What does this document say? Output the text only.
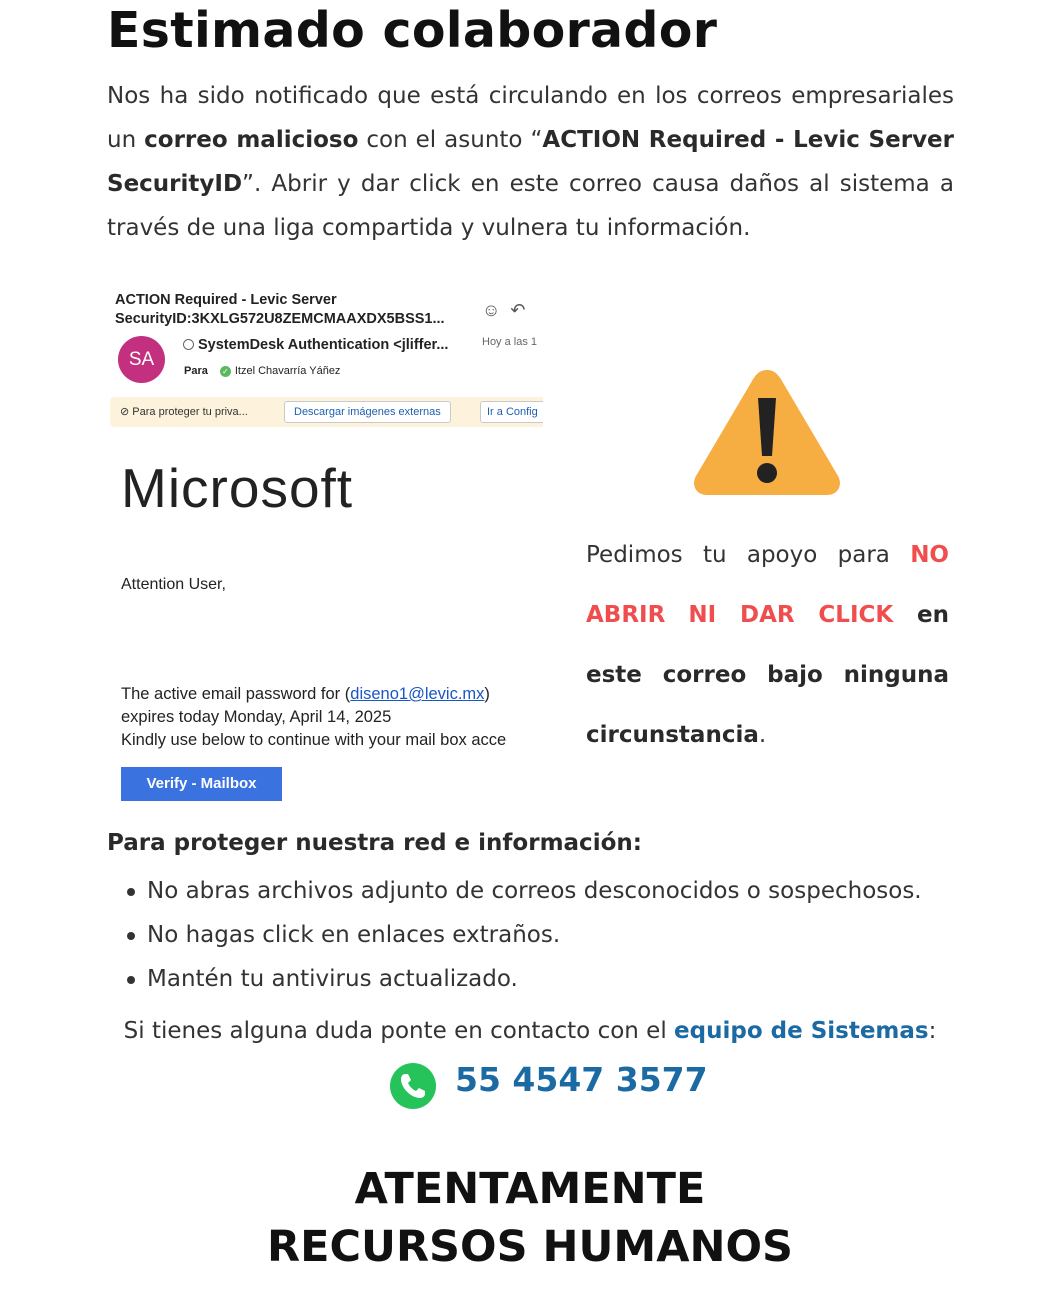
Estimado colaborador

Nos ha sido notificado que está circulando en los correos empresariales un correo malicioso con el asunto “ACTION Required - Levic Server SecurityID”. Abrir y dar click en este correo causa daños al sistema a través de una liga compartida y vulnera tu información.

ACTION Required - Levic Server
SecurityID:3KXLG572U8ZEMCMAAXDX5BSS1...	☺↶
SA
SystemDesk Authentication <jliffer...	Hoy a las 1
Para ✓ Itzel Chavarría Yáñez
⊘ Para proteger tu priva...	Descargar imágenes externas	Ir a Config
Microsoft
Attention User,
The active email password for (diseno1@levic.mx)
expires today Monday, April 14, 2025
Kindly use below to continue with your mail box acce
Verify - Mailbox

Pedimos tu apoyo para NO ABRIR NI DAR CLICK en este correo bajo ninguna circunstancia.

Para proteger nuestra red e información:
No abras archivos adjunto de correos desconocidos o sospechosos.
No hagas click en enlaces extraños.
Mantén tu antivirus actualizado.

Si tienes alguna duda ponte en contacto con el equipo de Sistemas:

55 4547 3577
ATENTAMENTE
RECURSOS HUMANOS
